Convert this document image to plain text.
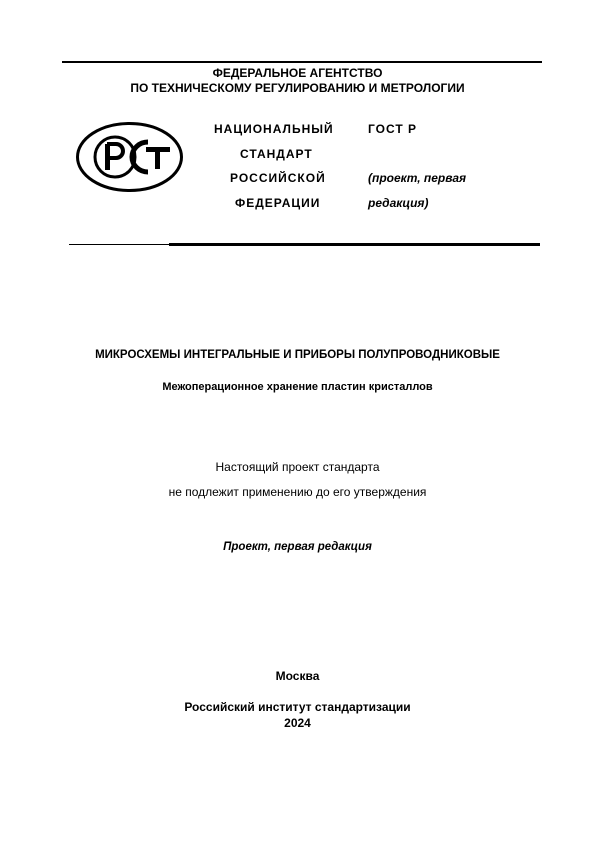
ФЕДЕРАЛЬНОЕ АГЕНТСТВО
ПО ТЕХНИЧЕСКОМУ РЕГУЛИРОВАНИЮ И МЕТРОЛОГИИ
НАЦИОНАЛЬНЫЙ
СТАНДАРТ
РОССИЙСКОЙ
ФЕДЕРАЦИИ
ГОСТ Р
(проект, первая
редакция)
МИКРОСХЕМЫ ИНТЕГРАЛЬНЫЕ И ПРИБОРЫ ПОЛУПРОВОДНИКОВЫЕ
Межоперационное хранение пластин кристаллов
Настоящий проект стандарта
не подлежит применению до его утверждения
Проект, первая редакция
Москва
Российский институт стандартизации
2024
